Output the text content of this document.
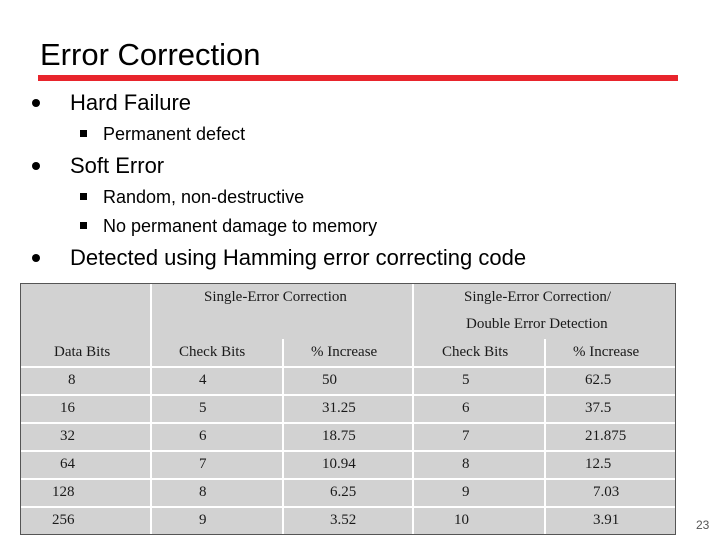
Error Correction
Hard Failure
Permanent defect
Soft Error
Random, non-destructive
No permanent damage to memory
Detected using Hamming error correcting code
Single-Error Correction	Single-Error Correction/
Double Error Detection
Data Bits	Check Bits	% Increase	Check Bits	% Increase
8	4	50	5	62.5
16	5	31.25	6	37.5
32	6	18.75	7	21.875
64	7	10.94	8	12.5
128	8	6.25	9	7.03
256	9	3.52	10	3.91	23
